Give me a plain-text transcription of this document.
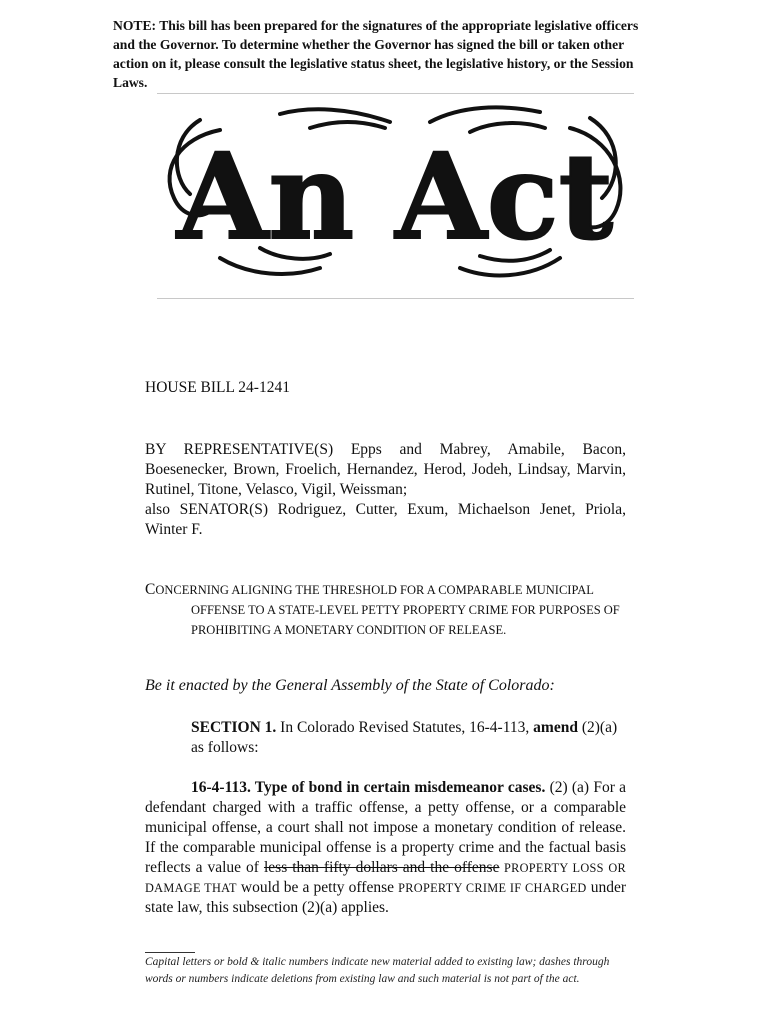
NOTE: This bill has been prepared for the signatures of the appropriate legislative officers and the Governor. To determine whether the Governor has signed the bill or taken other action on it, please consult the legislative status sheet, the legislative history, or the Session Laws.
An Act
HOUSE BILL 24-1241
BY REPRESENTATIVE(S) Epps and Mabrey, Amabile, Bacon, Boesenecker, Brown, Froelich, Hernandez, Herod, Jodeh, Lindsay, Marvin, Rutinel, Titone, Velasco, Vigil, Weissman;
also SENATOR(S) Rodriguez, Cutter, Exum, Michaelson Jenet, Priola, Winter F.
CONCERNING ALIGNING THE THRESHOLD FOR A COMPARABLE MUNICIPAL
OFFENSE TO A STATE-LEVEL PETTY PROPERTY CRIME FOR PURPOSES OF PROHIBITING A MONETARY CONDITION OF RELEASE.
Be it enacted by the General Assembly of the State of Colorado:
SECTION 1. In Colorado Revised Statutes, 16-4-113, amend (2)(a) as follows:
16-4-113. Type of bond in certain misdemeanor cases. (2) (a) For a defendant charged with a traffic offense, a petty offense, or a comparable municipal offense, a court shall not impose a monetary condition of release. If the comparable municipal offense is a property crime and the factual basis reflects a value of less than fifty dollars and the offense PROPERTY LOSS OR DAMAGE THAT would be a petty offense PROPERTY CRIME IF CHARGED under state law, this subsection (2)(a) applies.
Capital letters or bold & italic numbers indicate new material added to existing law; dashes through words or numbers indicate deletions from existing law and such material is not part of the act.
